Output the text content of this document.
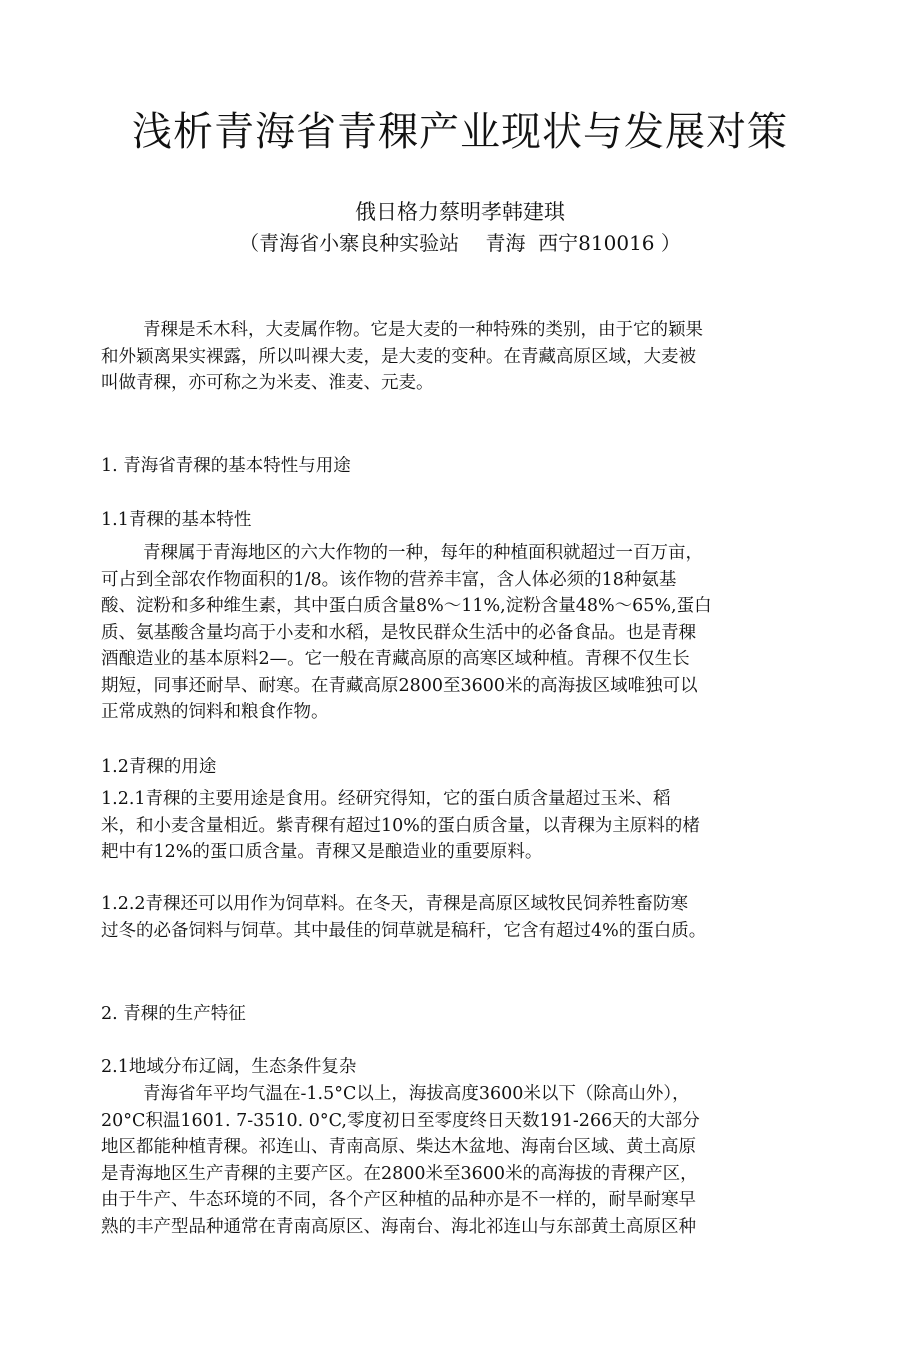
浅析青海省青稞产业现状与发展对策

俄日格力蔡明孝韩建琪

（青海省小寨良种实验站　 青海  西宁810016 ）

青稞是禾木科，大麦属作物。它是大麦的一种特殊的类别，由于它的颖果
和外颖离果实裸露，所以叫裸大麦，是大麦的变种。在青藏高原区域，大麦被
叫做青稞，亦可称之为米麦、淮麦、元麦。
1. 青海省青稞的基本特性与用途
1.1青稞的基本特性
青稞属于青海地区的六大作物的一种，每年的种植面积就超过一百万亩，
可占到全部农作物面积的1/8。该作物的营养丰富，含人体必须的18种氨基
酸、淀粉和多种维生素，其中蛋白质含量8%～11%,淀粉含量48%～65%,蛋白
质、氨基酸含量均高于小麦和水稻，是牧民群众生活中的必备食品。也是青稞
酒酿造业的基本原料2—。它一般在青藏高原的高寒区域种植。青稞不仅生长
期短，同事还耐旱、耐寒。在青藏高原2800至3600米的高海拔区域唯独可以
正常成熟的饲料和粮食作物。
1.2青稞的用途
1.2.1青稞的主要用途是食用。经研究得知，它的蛋白质含量超过玉米、稻
米，和小麦含量相近。紫青稞有超过10%的蛋白质含量，以青稞为主原料的楮
耙中有12%的蛋口质含量。青稞又是酿造业的重要原料。
1.2.2青稞还可以用作为饲草料。在冬天，青稞是高原区域牧民饲养牲畜防寒
过冬的必备饲料与饲草。其中最佳的饲草就是稿秆，它含有超过4%的蛋白质。
2. 青稞的生产特征
2.1地域分布辽阔，生态条件复杂
青海省年平均气温在-1.5°C以上，海拔高度3600米以下（除高山外），
20°C积温1601. 7-3510. 0°C,零度初日至零度终日天数191-266天的大部分
地区都能种植青稞。祁连山、青南高原、柴达木盆地、海南台区域、黄土高原
是青海地区生产青稞的主要产区。在2800米至3600米的高海拔的青稞产区，
由于牛产、牛态环境的不同，各个产区种植的品种亦是不一样的，耐旱耐寒早
熟的丰产型品种通常在青南高原区、海南台、海北祁连山与东部黄土高原区种
